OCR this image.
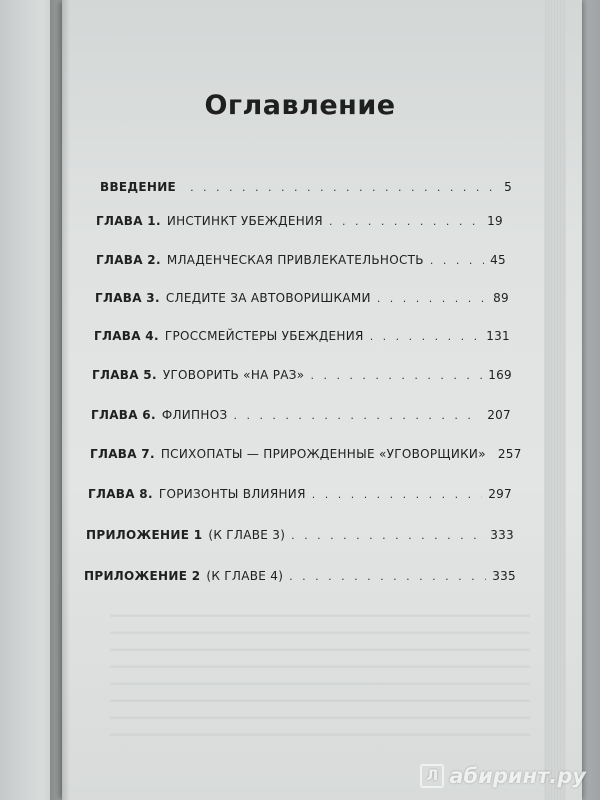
Оглавление
ВВЕДЕНИЕ . . .	5
ГЛАВА 1. ИНСТИНКТ УБЕЖДЕНИЯ . . .	19
ГЛАВА 2. МЛАДЕНЧЕСКАЯ ПРИВЛЕКАТЕЛЬНОСТЬ . . .	45
ГЛАВА 3. СЛЕДИТЕ ЗА АВТОВОРИШКАМИ . . .	89
ГЛАВА 4. ГРОССМЕЙСТЕРЫ УБЕЖДЕНИЯ . . .	131
ГЛАВА 5. УГОВОРИТЬ «НА РАЗ» . . .	169
ГЛАВА 6. ФЛИПНОЗ . . .	207
ГЛАВА 7. ПСИХОПАТЫ — ПРИРОЖДЕННЫЕ «УГОВОРЩИКИ» 257
ГЛАВА 8. ГОРИЗОНТЫ ВЛИЯНИЯ . . .	297
ПРИЛОЖЕНИЕ 1 (К ГЛАВЕ 3) . . .	333
ПРИЛОЖЕНИЕ 2 (К ГЛАВЕ 4) . . .	335
Л абиринт.ру
